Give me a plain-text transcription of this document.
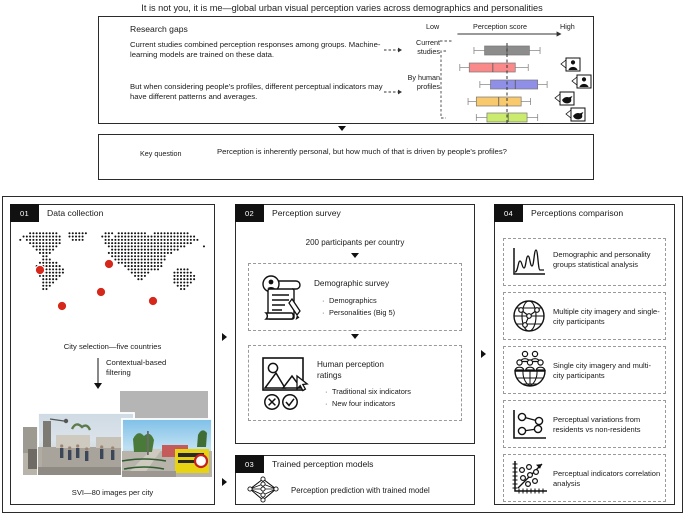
It is not you, it is me—global urban visual perception varies across demographics and personalities
Research gaps
Current studies combined perception responses among groups. Machine-learning models are trained on these data.
But when considering people's profiles, different perceptual indicators may have different patterns and averages.
Current studies
By human profiles
Low	Perception score	High
Key question	Perception is inherently personal, but how much of that is driven by people's profiles?
01	Data collection
City selection—five countries
Contextual-based filtering
SVI—80 images per city
02	Perception survey
200 participants per country
Demographic survey
· Demographics
· Personalities (Big 5)
Human perception ratings
· Traditional six indicators
· New four indicators
03	Trained perception models
Perception prediction with trained model
04	Perceptions comparison
Demographic and personality groups statistical analysis
Multiple city imagery and single-city participants
Single city imagery and multi-city participants
Perceptual variations from residents vs non-residents
Perceptual indicators correlation analysis
